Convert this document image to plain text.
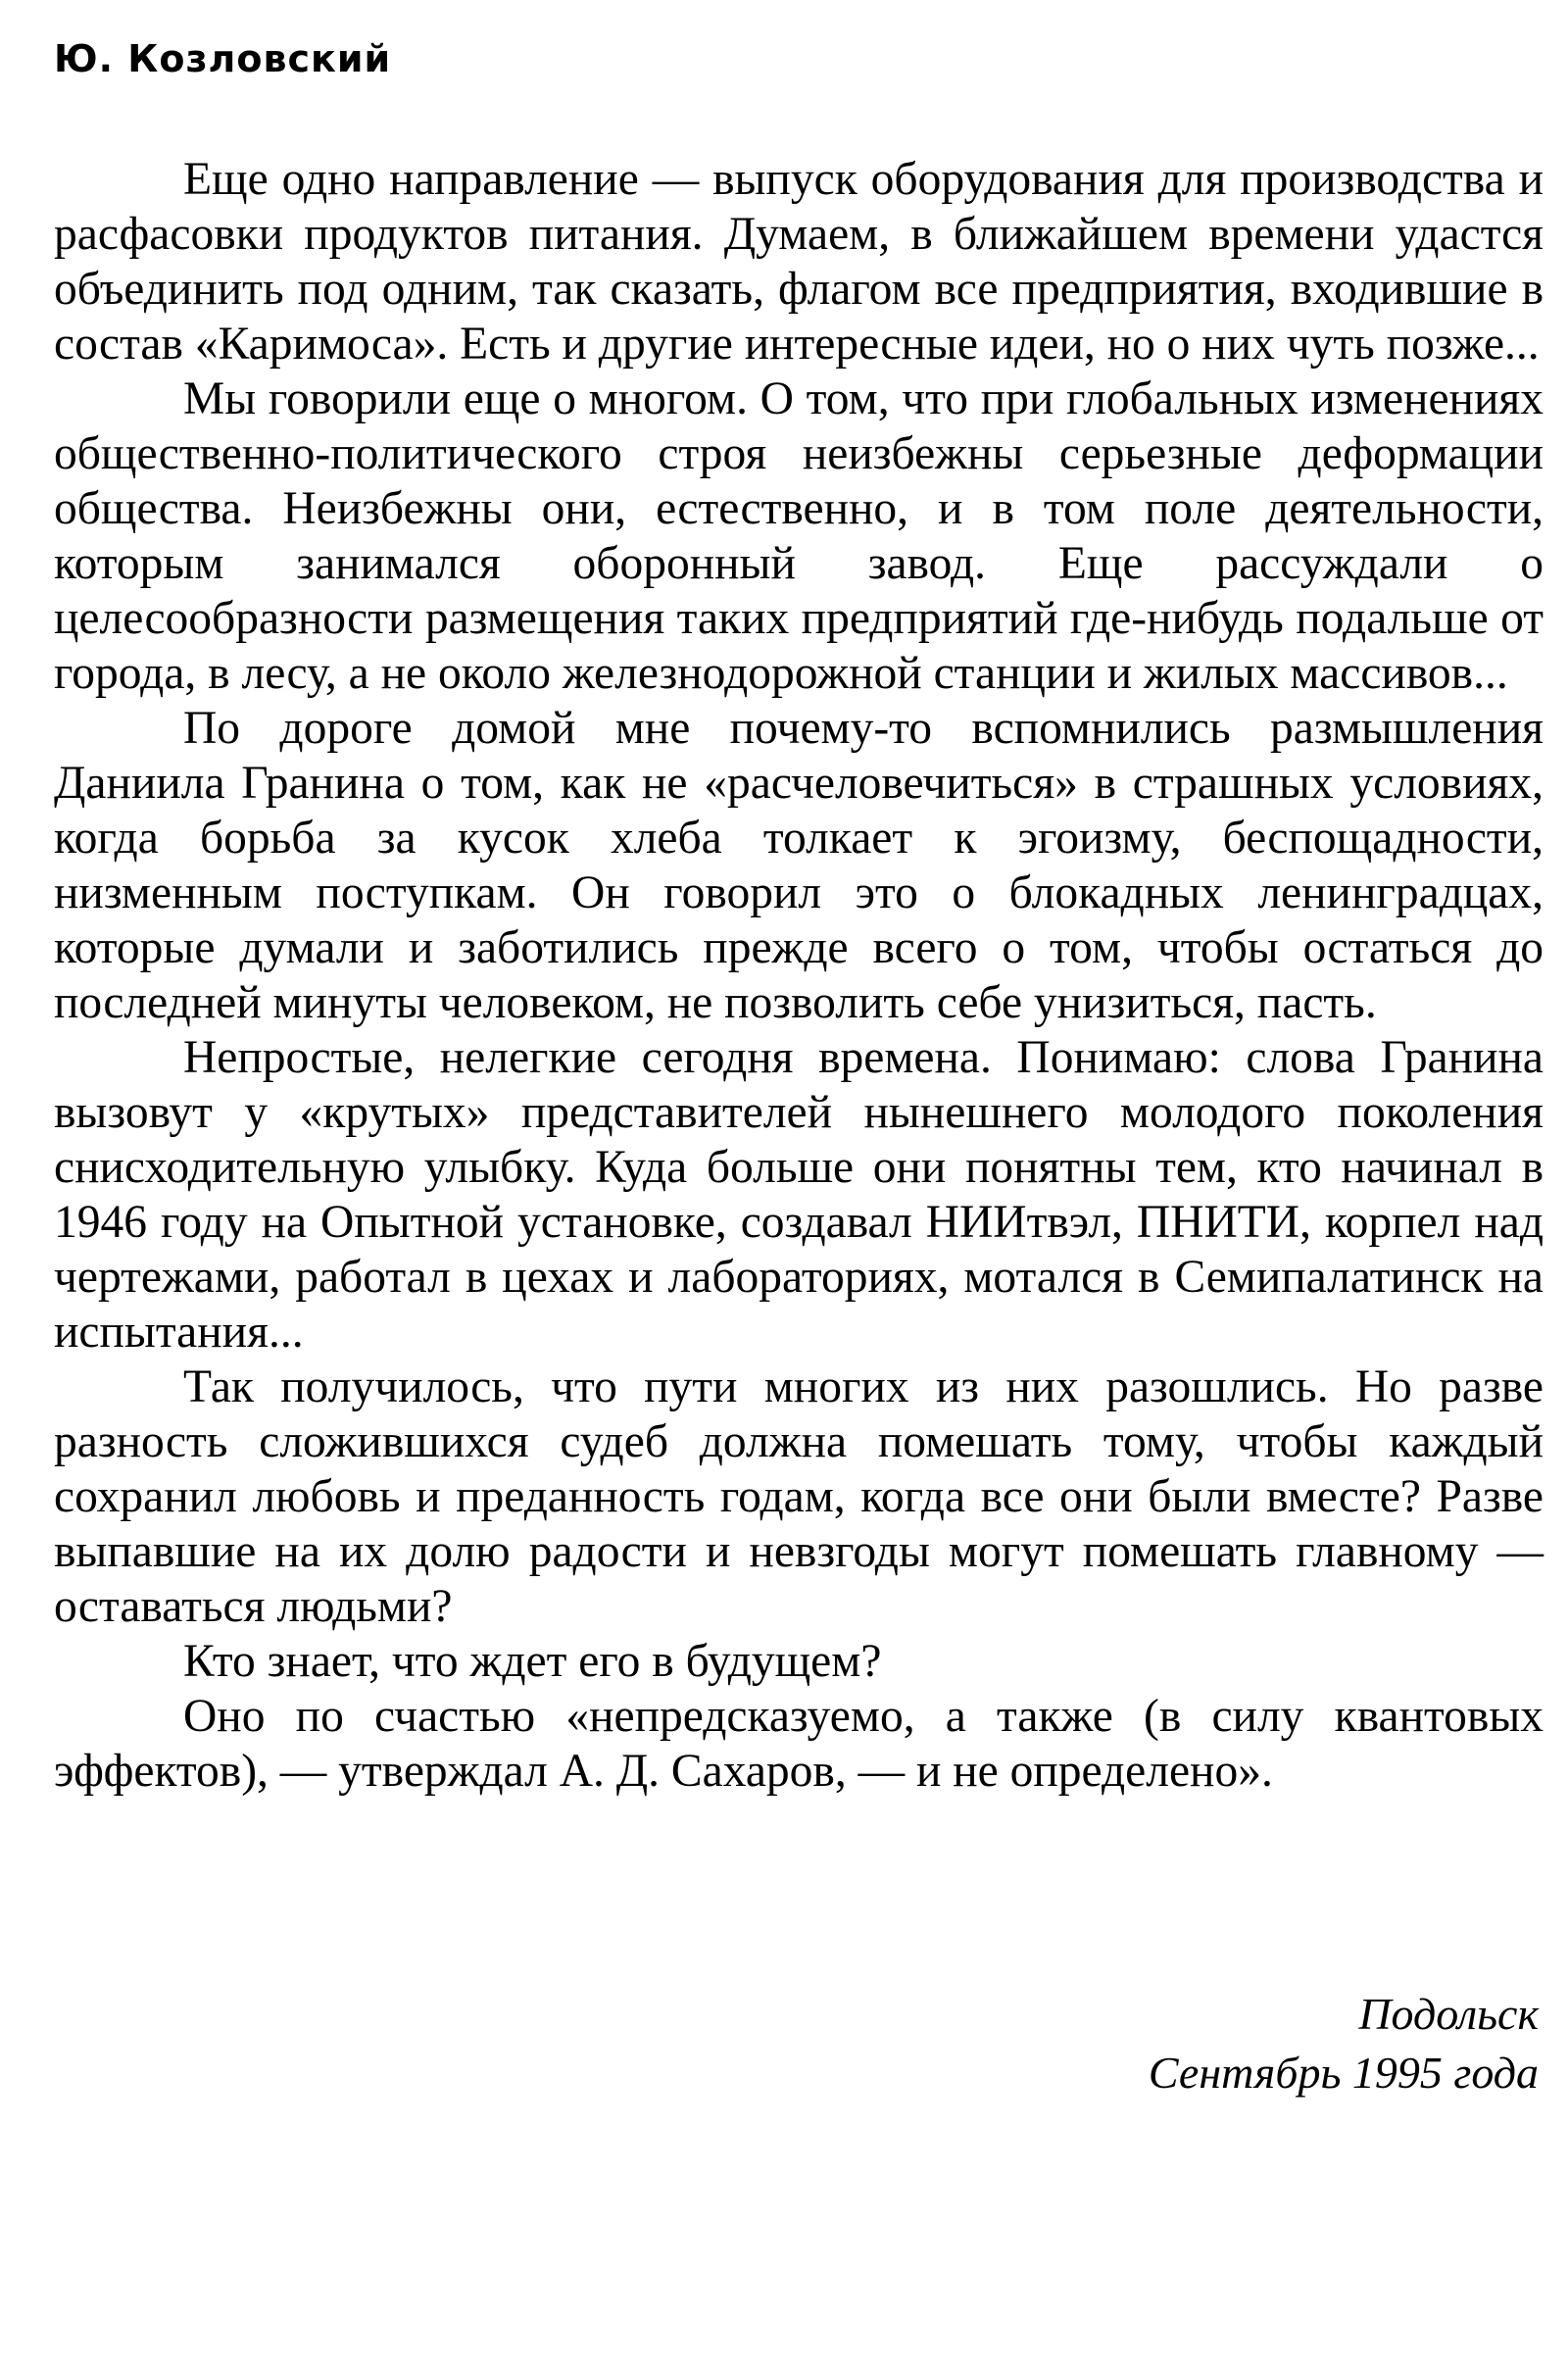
Ю. Козловский

Еще одно направление — выпуск оборудования для производства и расфасовки продуктов питания. Думаем, в ближайшем времени удастся объединить под одним, так сказать, флагом все предприятия, входившие в состав «Каримоса». Есть и другие интересные идеи, но о них чуть позже...

Мы говорили еще о многом. О том, что при глобальных изменениях общественно-политического строя неизбежны серьезные деформации общества. Неизбежны они, естественно, и в том поле деятельности, которым занимался оборонный завод. Еще рассуждали о целесообразности размещения таких предприятий где-нибудь подальше от города, в лесу, а не около железнодорожной станции и жилых массивов...

По дороге домой мне почему-то вспомнились размышления Даниила Гранина о том, как не «расчеловечиться» в страшных условиях, когда борьба за кусок хлеба толкает к эгоизму, беспощадности, низменным поступкам. Он говорил это о блокадных ленинградцах, которые думали и заботились прежде всего о том, чтобы остаться до последней минуты человеком, не позволить себе унизиться, пасть.

Непростые, нелегкие сегодня времена. Понимаю: слова Гранина вызовут у «крутых» представителей нынешнего молодого поколения снисходительную улыбку. Куда больше они понятны тем, кто начинал в 1946 году на Опытной установке, создавал НИИтвэл, ПНИТИ, корпел над чертежами, работал в цехах и лабораториях, мотался в Семипалатинск на испытания...

Так получилось, что пути многих из них разошлись. Но разве разность сложившихся судеб должна помешать тому, чтобы каждый сохранил любовь и преданность годам, когда все они были вместе? Разве выпавшие на их долю радости и невзгоды могут помешать главному — оставаться людьми?

Кто знает, что ждет его в будущем?

Оно по счастью «непредсказуемо, а также (в силу квантовых эффектов), — утверждал А. Д. Сахаров, — и не определено».

Подольск
Сентябрь 1995 года
